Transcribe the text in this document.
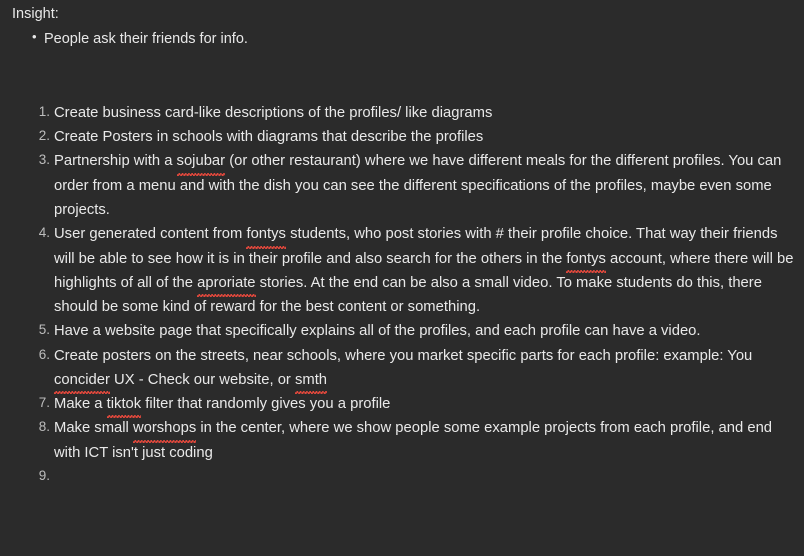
Insight:
• People ask their friends for info.
Create business card-like descriptions of the profiles/ like diagrams
Create Posters in schools with diagrams that describe the profiles
Partnership with a sojubar (or other restaurant) where we have different meals for the different profiles. You can order from a menu and with the dish you can see the different specifications of the profiles, maybe even some projects.
User generated content from fontys students, who post stories with # their profile choice. That way their friends will be able to see how it is in their profile and also search for the others in the fontys account, where there will be highlights of all of the aproriate stories. At the end can be also a small video. To make students do this, there should be some kind of reward for the best content or something.
Have a website page that specifically explains all of the profiles, and each profile can have a video.
Create posters on the streets, near schools, where you market specific parts for each profile: example: You concider UX - Check our website, or smth
Make a tiktok filter that randomly gives you a profile
Make small worshops in the center, where we show people some example projects from each profile, and end with ICT isn't just coding
